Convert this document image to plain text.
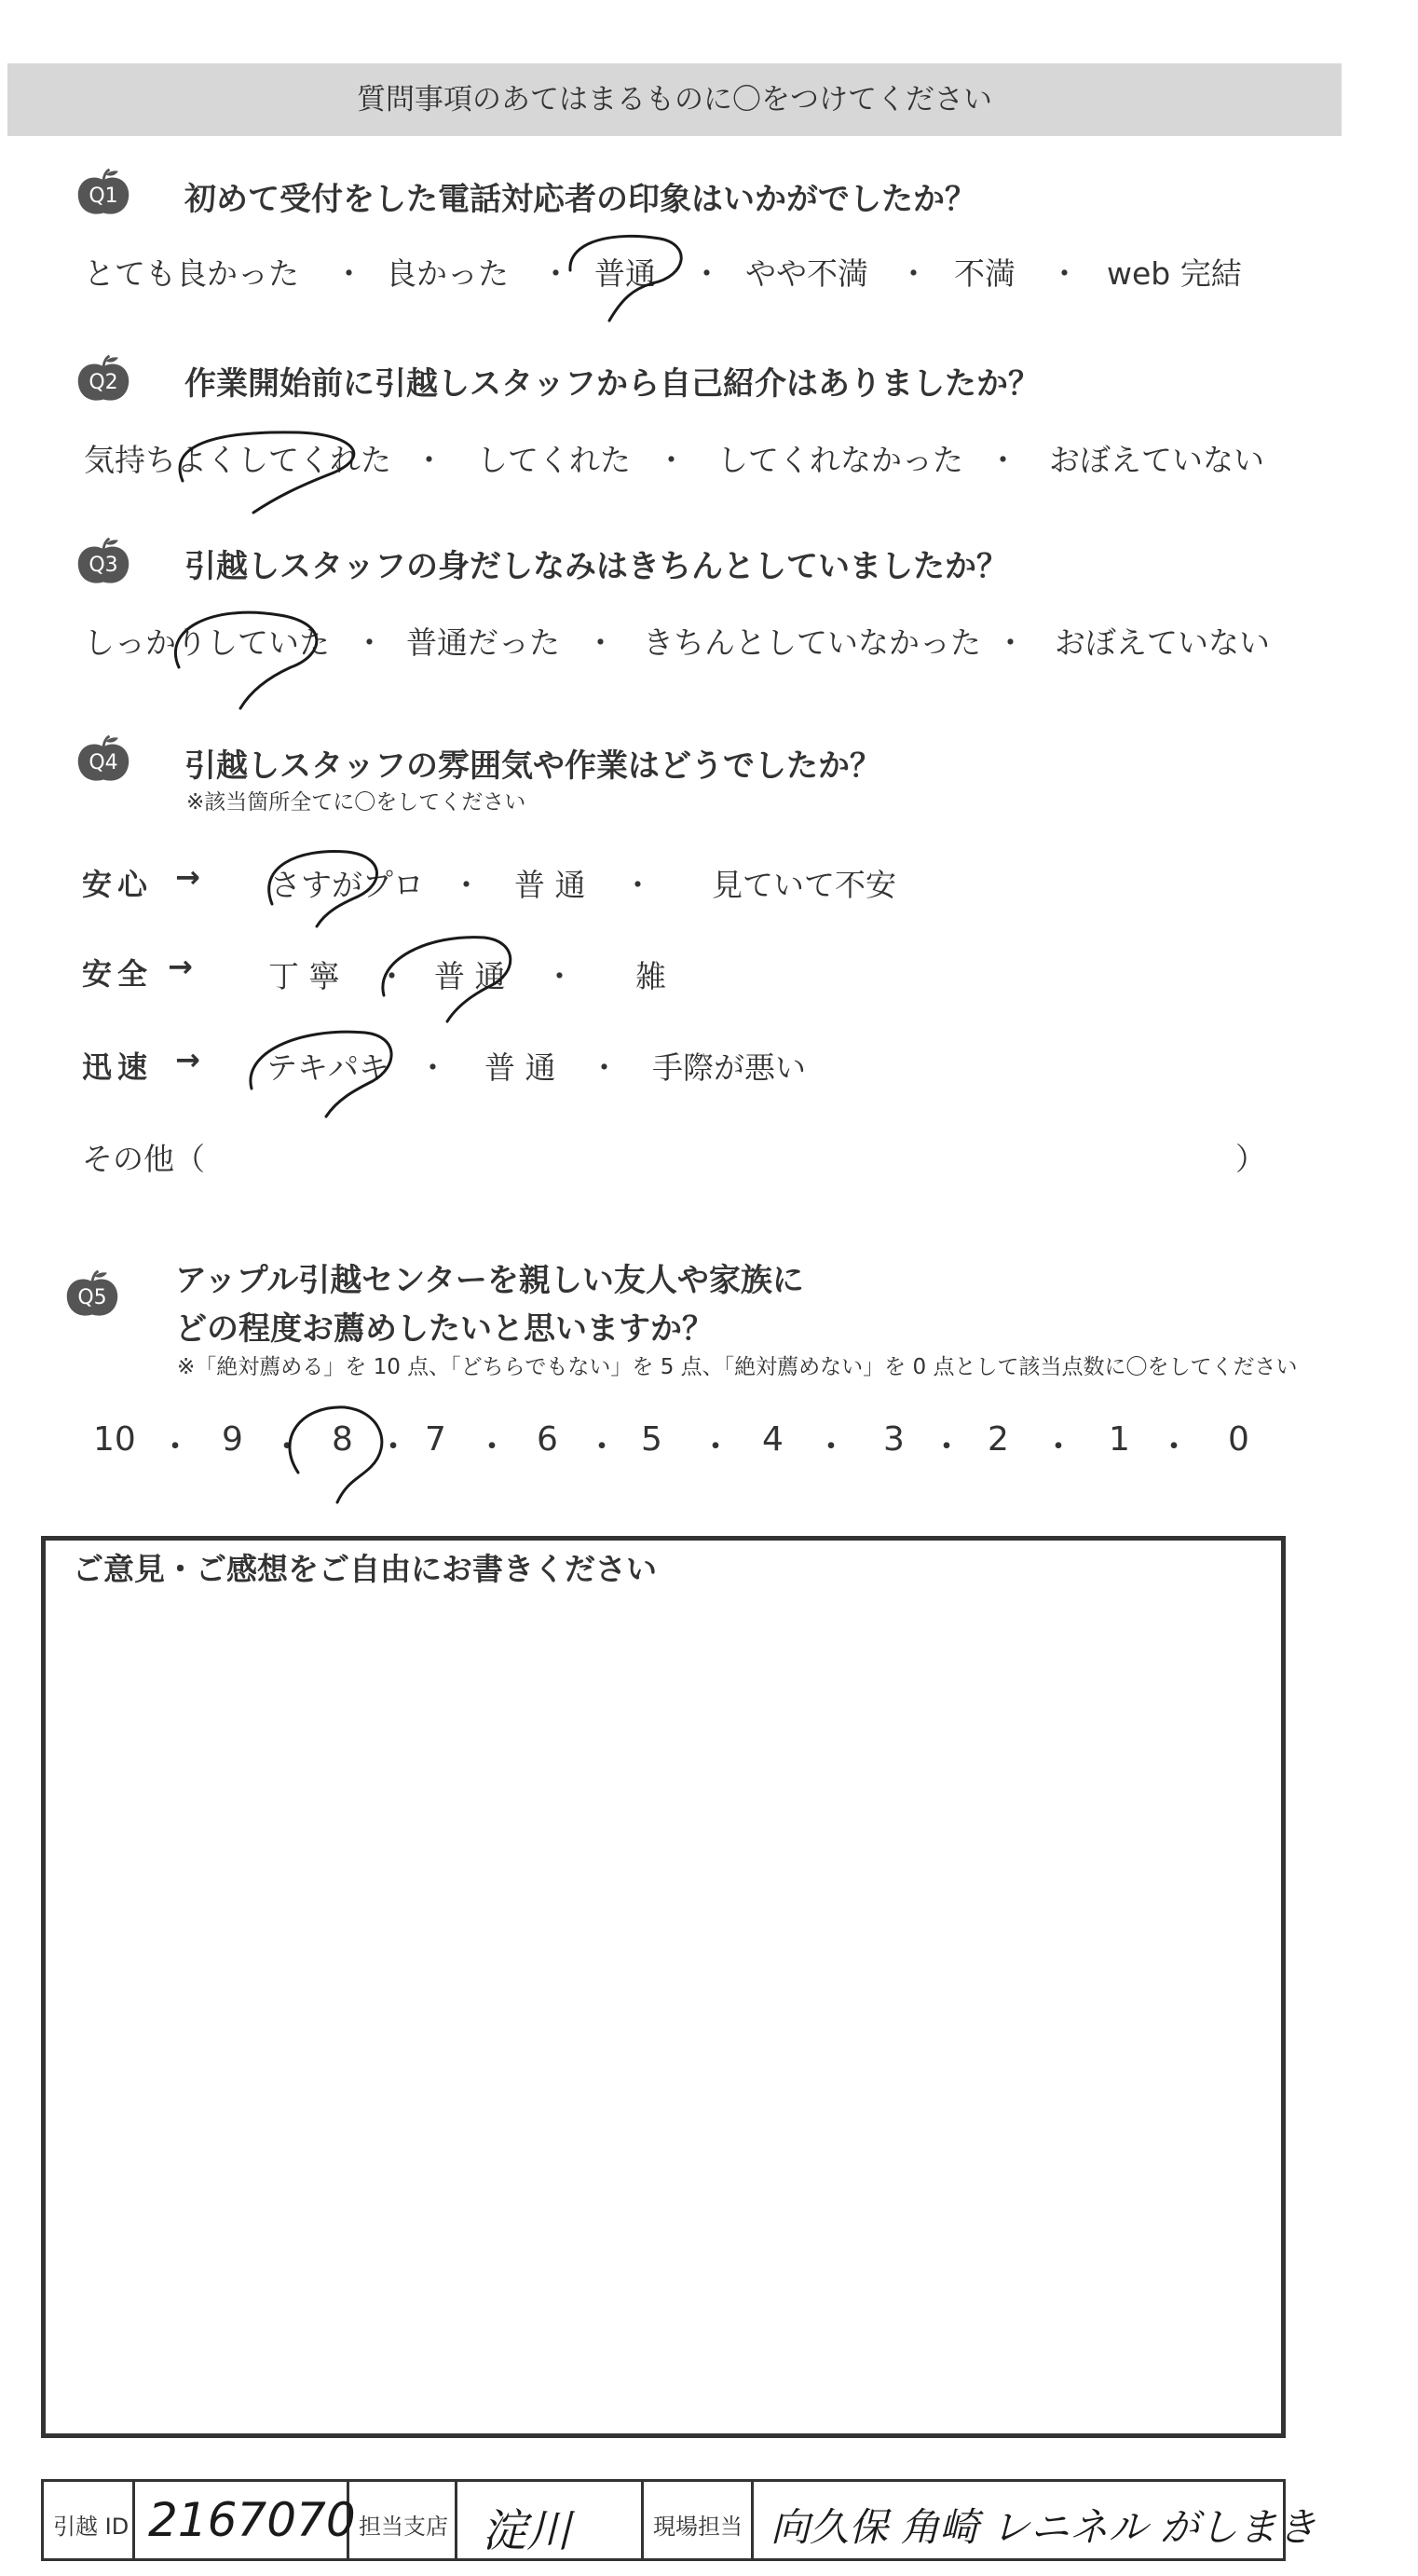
質問事項のあてはまるものに〇をつけてください
Q1	初めて受付をした電話対応者の印象はいかがでしたか？
とても良かった ・ 良かった ・ 普通 ・ やや不満 ・ 不満 ・ web 完結
Q2	作業開始前に引越しスタッフから自己紹介はありましたか？
気持ちよくしてくれた ・ してくれた ・ してくれなかった ・ おぼえていない
Q3	引越しスタッフの身だしなみはきちんとしていましたか？
しっかりしていた ・ 普通だった ・ きちんとしていなかった ・ おぼえていない
Q4	引越しスタッフの雰囲気や作業はどうでしたか？
※該当箇所全てに〇をしてください
安心 → さすがプロ ・ 普 通 ・ 見ていて不安
安全 → 丁 寧 ・ 普 通 ・ 雑
迅速 → テキパキ ・ 普 通 ・ 手際が悪い
その他（	）
Q5	アップル引越センターを親しい友人や家族に
どの程度お薦めしたいと思いますか？
※「絶対薦める」を 10 点、「どちらでもない」を 5 点、「絶対薦めない」を 0 点として該当点数に〇をしてください
10 ・ 9 ・ 8 ・ 7 ・ 6 ・ 5 ・ 4 ・ 3 ・ 2 ・ 1 ・ 0
ご意見・ご感想をご自由にお書きください
引越 ID 2167070 担当支店 淀川	現場担当 向久保 角崎 レニネル がしまき
